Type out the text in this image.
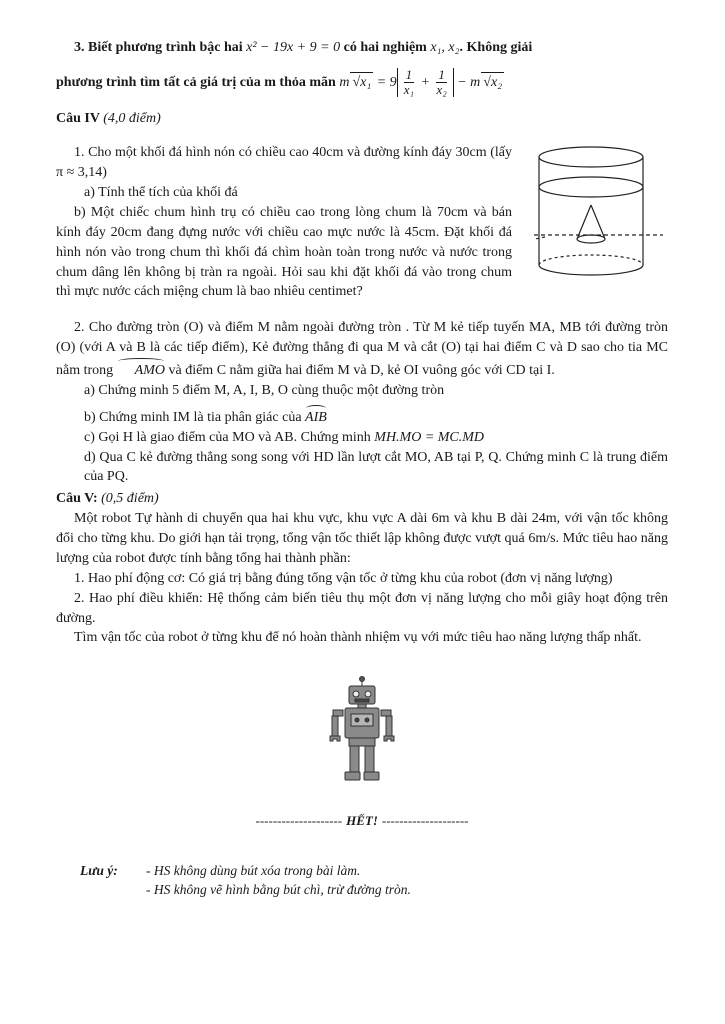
3. Biết phương trình bậc hai x² − 19x + 9 = 0 có hai nghiệm x₁, x₂. Không giải

phương trình tìm tất cả giá trị của m thỏa mãn m $√x_1 = 9 \frac{1}{\text{x₁}} + \frac{1}{\text{x₂}} - m$ √x₂

Câu IV (4,0 điểm)

1. Cho một khối đá hình nón có chiều cao 40cm và đường kính đáy 30cm (lấy π ≈ 3,14)

a) Tính thể tích của khối đá

b) Một chiếc chum hình trụ có chiều cao trong lòng chum là 70cm và bán kính đáy 20cm đang đựng nước với chiều cao mực nước là 45cm. Đặt khối đá hình nón vào trong chum thì khối đá chìm hoàn toàn trong nước và nước trong chum dâng lên không bị tràn ra ngoài. Hỏi sau khi đặt khối đá vào trong chum thì mực nước cách miệng chum là bao nhiêu centimet?

2. Cho đường tròn (O) và điểm M nằm ngoài đường tròn . Từ M kẻ tiếp tuyến MA, MB tới đường tròn (O) (với A và B là các tiếp điểm), Kẻ đường thẳng đi qua M và cắt (O) tại hai điểm C và D sao cho tia MC nằm trong AMO và điểm C nằm giữa hai điểm M và D, kẻ OI vuông góc với CD tại I.

a) Chứng minh 5 điểm M, A, I, B, O cùng thuộc một đường tròn

b) Chứng minh IM là tia phân giác của AIB

c) Gọi H là giao điểm của MO và AB. Chứng minh MH.MO = MC.MD

d) Qua C kẻ đường thẳng song song với HD lần lượt cắt MO, AB tại P, Q. Chứng minh C là trung điểm của PQ.

Câu V: (0,5 điểm)

Một robot Tự hành di chuyển qua hai khu vực, khu vực A dài 6m và khu B dài 24m, với vận tốc không đổi cho từng khu. Do giới hạn tải trọng, tổng vận tốc thiết lập không được vượt quá 6m/s. Mức tiêu hao năng lượng của robot được tính bằng tổng hai thành phần:

1. Hao phí động cơ: Có giá trị bằng đúng tổng vận tốc ở từng khu của robot (đơn vị năng lượng)

2. Hao phí điều khiển: Hệ thống cảm biến tiêu thụ một đơn vị năng lượng cho mỗi giây hoạt động trên đường.

Tìm vận tốc của robot ở từng khu để nó hoàn thành nhiệm vụ với mức tiêu hao năng lượng thấp nhất.

-------------------- HẾT! --------------------

Lưu ý:	- HS không dùng bút xóa trong bài làm.

- HS không vẽ hình bằng bút chì, trừ đường tròn.
